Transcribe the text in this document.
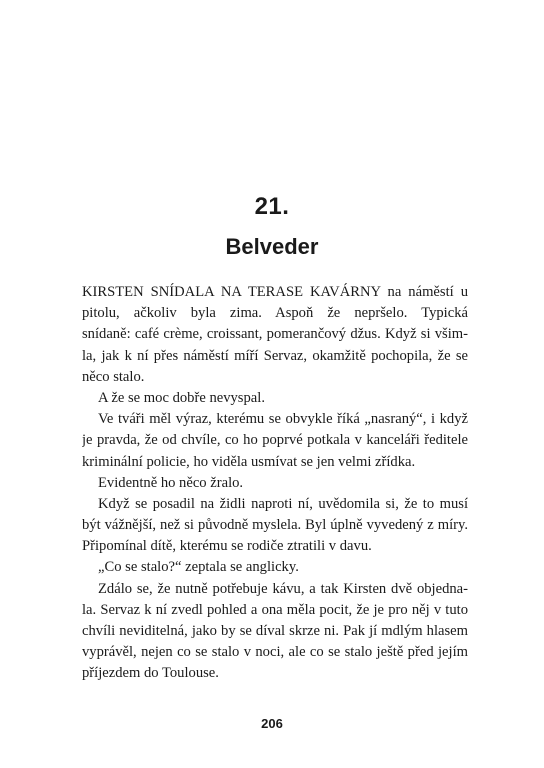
21.
Belveder
KIRSTEN SNÍDALA NA TERASE KAVÁRNY na náměstí u
pitolu, ačkoliv byla zima. Aspoň že nepršelo. Typická
snídaně: café crème, croissant, pomerančový džus. Když si všim-
la, jak k ní přes náměstí míří Servaz, okamžitě pochopila, že se
něco stalo.
A že se moc dobře nevyspal.
Ve tváři měl výraz, kterému se obvykle říká „nasraný“, i když
je pravda, že od chvíle, co ho poprvé potkala v kanceláři ředitele
kriminální policie, ho viděla usmívat se jen velmi zřídka.
Evidentně ho něco žralo.
Když se posadil na židli naproti ní, uvědomila si, že to musí
být vážnější, než si původně myslela. Byl úplně vyvedený z míry.
Připomínal dítě, kterému se rodiče ztratili v davu.
„Co se stalo?“ zeptala se anglicky.
Zdálo se, že nutně potřebuje kávu, a tak Kirsten dvě objedna-
la. Servaz k ní zvedl pohled a ona měla pocit, že je pro něj v tuto
chvíli neviditelná, jako by se díval skrze ni. Pak jí mdlým hlasem
vyprávěl, nejen co se stalo v noci, ale co se stalo ještě před jejím
příjezdem do Toulouse.
206
